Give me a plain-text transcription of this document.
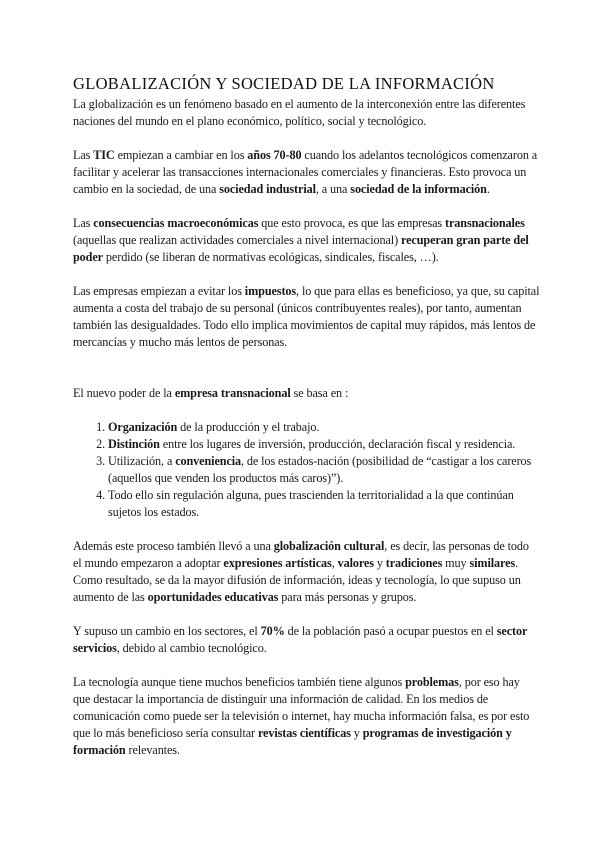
GLOBALIZACIÓN Y SOCIEDAD DE LA INFORMACIÓN

La globalización es un fenómeno basado en el aumento de la interconexión entre las diferentes naciones del mundo en el plano económico, político, social y tecnológico.

Las TIC empiezan a cambiar en los años 70-80 cuando los adelantos tecnológicos comenzaron a facilitar y acelerar las transacciones internacionales comerciales y financieras. Esto provoca un cambio en la sociedad, de una sociedad industrial, a una sociedad de la información.

Las consecuencias macroeconómicas que esto provoca, es que las empresas transnacionales (aquellas que realizan actividades comerciales a nivel internacional) recuperan gran parte del poder perdido (se liberan de normativas ecológicas, sindicales, fiscales, …).

Las empresas empiezan a evitar los impuestos, lo que para ellas es beneficioso, ya que, su capital aumenta a costa del trabajo de su personal (únicos contribuyentes reales), por tanto, aumentan también las desigualdades. Todo ello implica movimientos de capital muy rápidos, más lentos de mercancías y mucho más lentos de personas.

El nuevo poder de la empresa transnacional se basa en :

1. Organización de la producción y el trabajo.
2. Distinción entre los lugares de inversión, producción, declaración fiscal y residencia.
3. Utilización, a conveniencia, de los estados-nación (posibilidad de “castigar a los careros (aquellos que venden los productos más caros)”).
4. Todo ello sin regulación alguna, pues trascienden la territorialidad a la que continúan sujetos los estados.

Además este proceso también llevó a una globalización cultural, es decir, las personas de todo el mundo empezaron a adoptar expresiones artísticas, valores y tradiciones muy similares. Como resultado, se da la mayor difusión de información, ideas y tecnología, lo que supuso un aumento de las oportunidades educativas para más personas y grupos.

Y supuso un cambio en los sectores, el 70% de la población pasó a ocupar puestos en el sector servicios, debido al cambio tecnológico.

La tecnología aunque tiene muchos beneficios también tiene algunos problemas, por eso hay que destacar la importancia de distinguir una información de calidad. En los medios de comunicación como puede ser la televisión o internet, hay mucha información falsa, es por esto que lo más beneficioso sería consultar revistas científicas y programas de investigación y formación relevantes.
